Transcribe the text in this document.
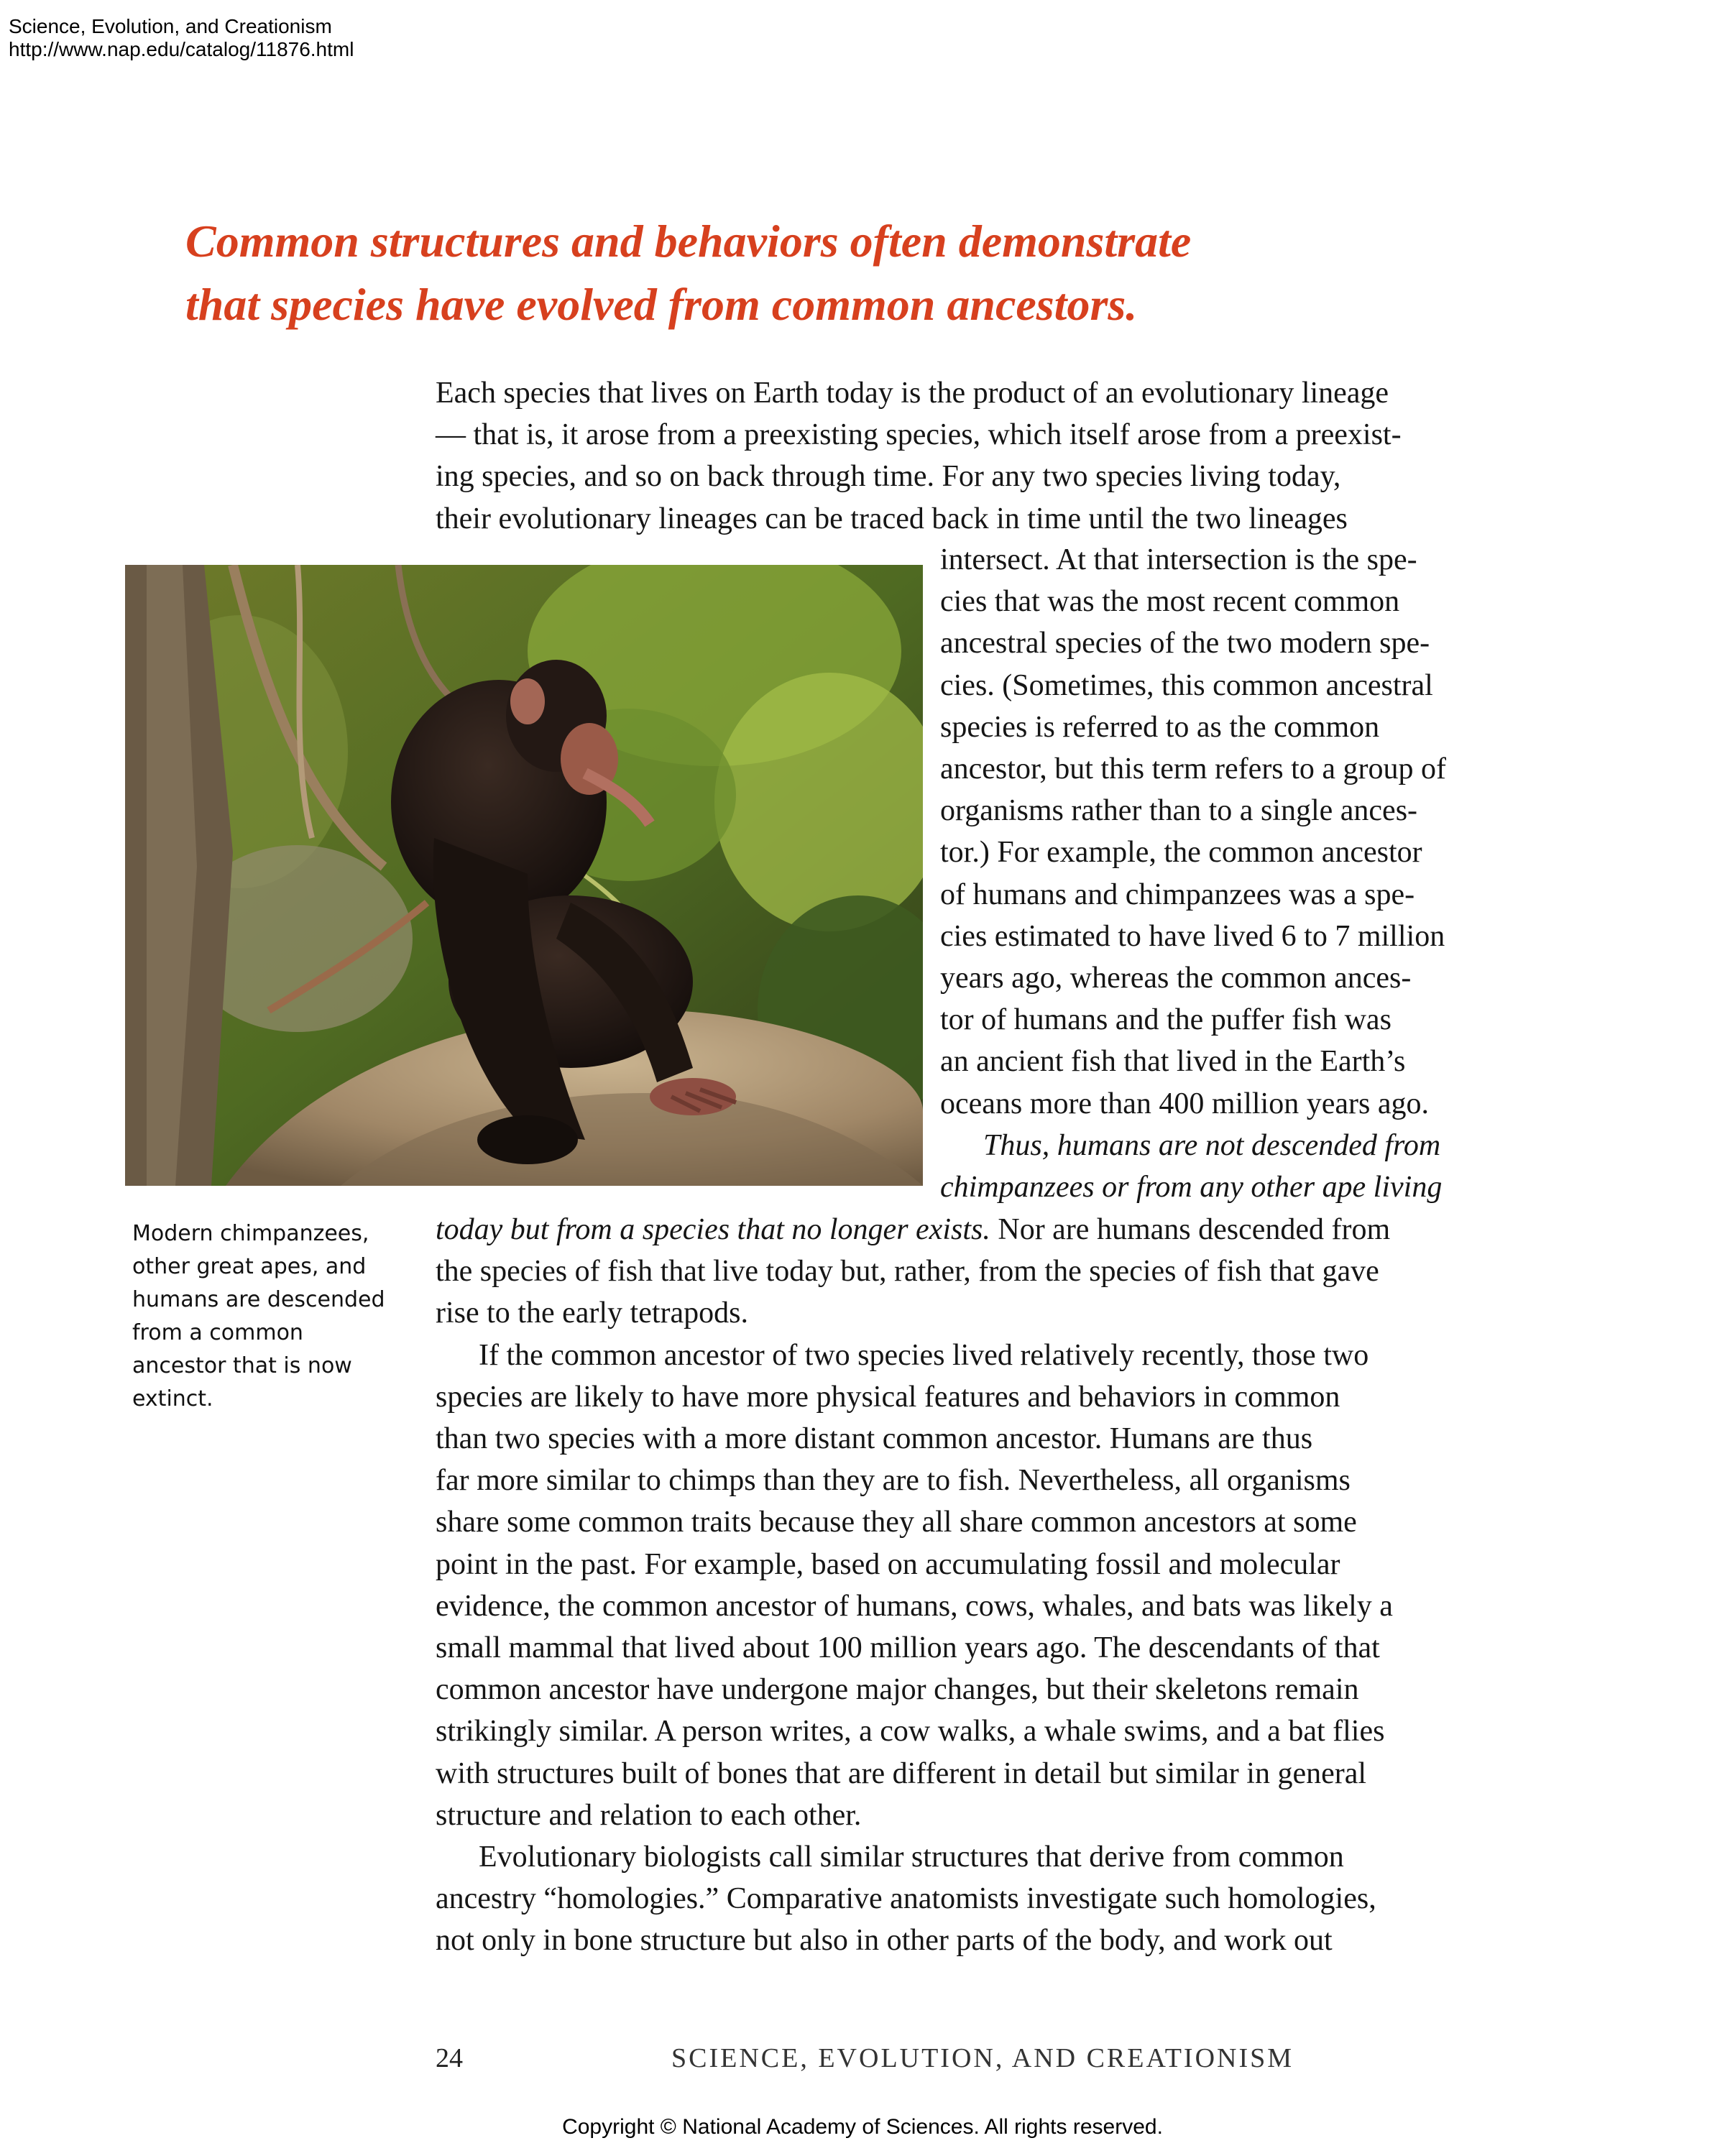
Science, Evolution, and Creationism
http://www.nap.edu/catalog/11876.html
Common structures and behaviors often demonstrate
that species have evolved from common ancestors.
Each species that lives on Earth today is the product of an evolutionary lineage
— that is, it arose from a preexisting species, which itself arose from a preexist-
ing species, and so on back through time. For any two species living today,
their evolutionary lineages can be traced back in time until the two lineages
intersect. At that intersection is the spe-
cies that was the most recent common
ancestral species of the two modern spe-
cies. (Sometimes, this common ancestral
species is referred to as the common
ancestor, but this term refers to a group of
organisms rather than to a single ances-
tor.) For example, the common ancestor
of humans and chimpanzees was a spe-
cies estimated to have lived 6 to 7 million
years ago, whereas the common ances-
tor of humans and the puffer fish was
an ancient fish that lived in the Earth’s
oceans more than 400 million years ago.
Thus, humans are not descended from
chimpanzees or from any other ape living
Modern chimpanzees,
other great apes, and
humans are descended
from a common
ancestor that is now
extinct.
today but from a species that no longer exists. Nor are humans descended from
the species of fish that live today but, rather, from the species of fish that gave
rise to the early tetrapods.
If the common ancestor of two species lived relatively recently, those two
species are likely to have more physical features and behaviors in common
than two species with a more distant common ancestor. Humans are thus
far more similar to chimps than they are to fish. Nevertheless, all organisms
share some common traits because they all share common ancestors at some
point in the past. For example, based on accumulating fossil and molecular
evidence, the common ancestor of humans, cows, whales, and bats was likely a
small mammal that lived about 100 million years ago. The descendants of that
common ancestor have undergone major changes, but their skeletons remain
strikingly similar. A person writes, a cow walks, a whale swims, and a bat flies
with structures built of bones that are different in detail but similar in general
structure and relation to each other.
Evolutionary biologists call similar structures that derive from common
ancestry “homologies.” Comparative anatomists investigate such homologies,
not only in bone structure but also in other parts of the body, and work out
24	SCIENCE, EVOLUTION, AND CREATIONISM
Copyright © National Academy of Sciences. All rights reserved.
